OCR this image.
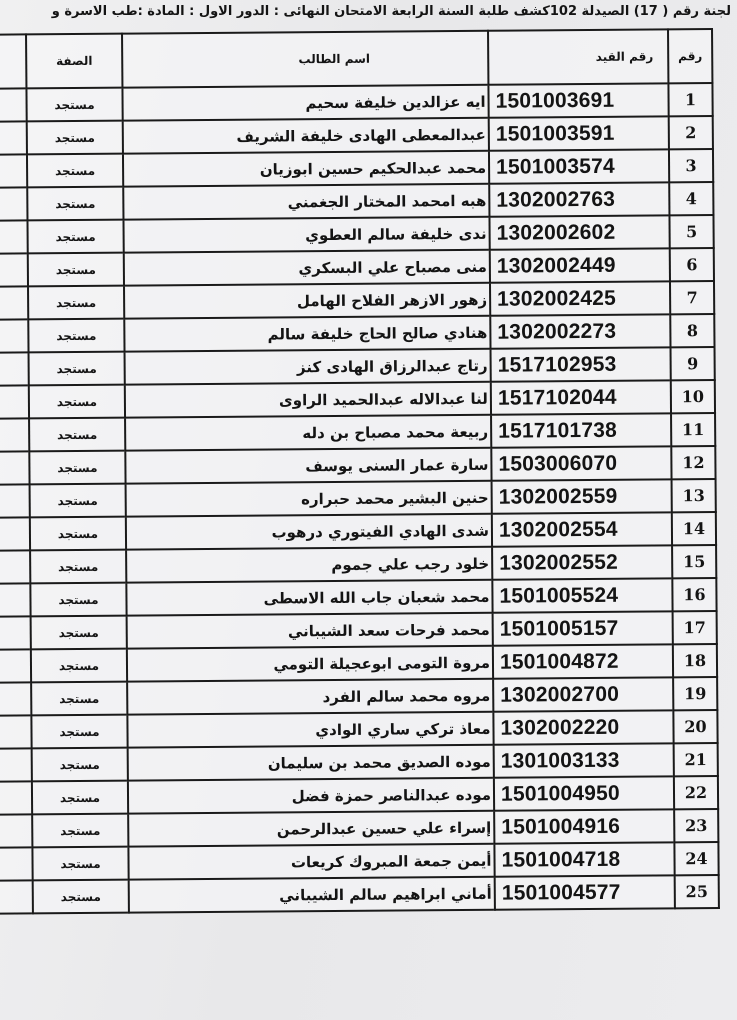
لجنة رقم ( 17) الصيدلة 102كشف طلبة السنة الرابعة الامتحان النهائى : الدور الاول : المادة :طب الاسرة و
رقم	رقم القيد	اسم الطالب	الصفة	
1	1501003691	ايه عزالدين خليفة سحيم	مستجد	
2	1501003591	عبدالمعطى الهادى خليفة الشريف	مستجد	
3	1501003574	محمد عبدالحكيم حسين ابوزيان	مستجد	
4	1302002763	هبه امحمد المختار الجغمني	مستجد	
5	1302002602	ندى خليفة سالم العطوي	مستجد	
6	1302002449	منى مصباح علي البسكري	مستجد	
7	1302002425	زهور الازهر الفلاح الهامل	مستجد	
8	1302002273	هنادي صالح الحاج خليفة سالم	مستجد	
9	1517102953	رتاج عبدالرزاق الهادى كنز	مستجد	
10	1517102044	لنا عبدالاله عبدالحميد الراوى	مستجد	
11	1517101738	ربيعة محمد مصباح بن دله	مستجد	
12	1503006070	سارة عمار السنى يوسف	مستجد	
13	1302002559	حنين البشير محمد حبراره	مستجد	
14	1302002554	شدى الهادي الفيتوري درهوب	مستجد	
15	1302002552	خلود رجب علي جموم	مستجد	
16	1501005524	محمد شعبان جاب الله الاسطى	مستجد	
17	1501005157	محمد فرحات سعد الشيباني	مستجد	
18	1501004872	مروة التومى ابوعجيلة التومي	مستجد	
19	1302002700	مروه محمد سالم الفرد	مستجد	
20	1302002220	معاذ تركي ساري الوادي	مستجد	
21	1301003133	موده الصديق محمد بن سليمان	مستجد	
22	1501004950	موده عبدالناصر حمزة فضل	مستجد	
23	1501004916	إسراء علي حسين عبدالرحمن	مستجد	
24	1501004718	أيمن جمعة المبروك كريعات	مستجد	
25	1501004577	أماني ابراهيم سالم الشيباني	مستجد	
